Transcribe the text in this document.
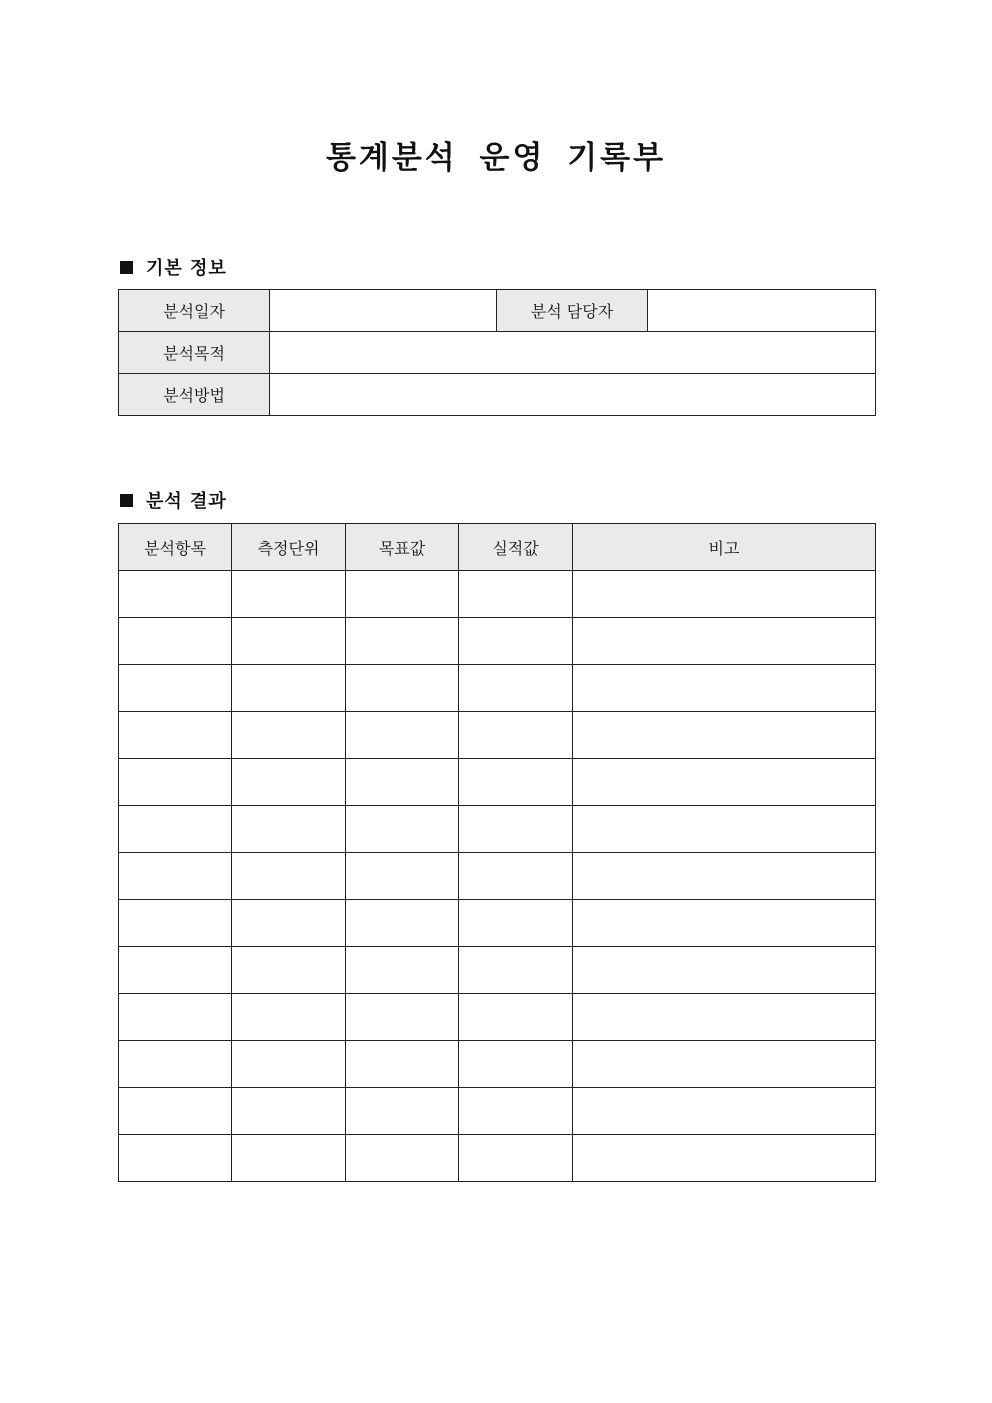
통계분석 운영 기록부
기본 정보
분석일자		분석 담당자	
분석목적			
분석방법			
분석 결과
분석항목	측정단위	목표값	실적값	비고
